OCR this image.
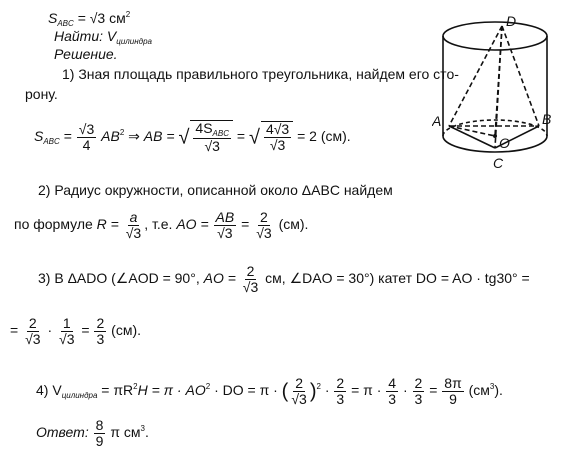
$S_{ABC} = √3$ $см^2$
Найти: $V_{цилиндра}$
Решение.
1) Зная площадь правильного треугольника, найдем его сто-
рону.
$S_{ABC} = \frac{√3}{4} AB^2$ ⇒ AB = √ $\frac{4S_{ABC}}{√3}$ = √ $\frac{4√3}{√3} = 2$ (см).
2) Радиус окружности, описанной около ΔABC найдем
по формуле $R = \frac{a}{√3}$ , т.е. AO = $\frac{AB}{√3} = \frac{2}{√3} (см)$.
3) В ΔADO (∠AOD = 90°, AO = $\frac{2}{√3}$ см, ∠DAO = 30°) катет DO = AO · tg30° =
= $\frac{2}{√3} \cdot \frac{1}{√3} = \frac{2}{3} (см)$.
4) $V_{цилиндра} = \pi R^2H = \pi \cdot AO^2$ · DO = π · ( $\frac{2}{√3} )^2 \cdot \frac{2}{3} = \pi \cdot \frac{4}{3} \cdot \frac{2}{3} = \frac{8\pi}{9} (см^3)$.
Ответ: $\frac{8}{9}$ π $см^3$.
D
A	B
O
C
